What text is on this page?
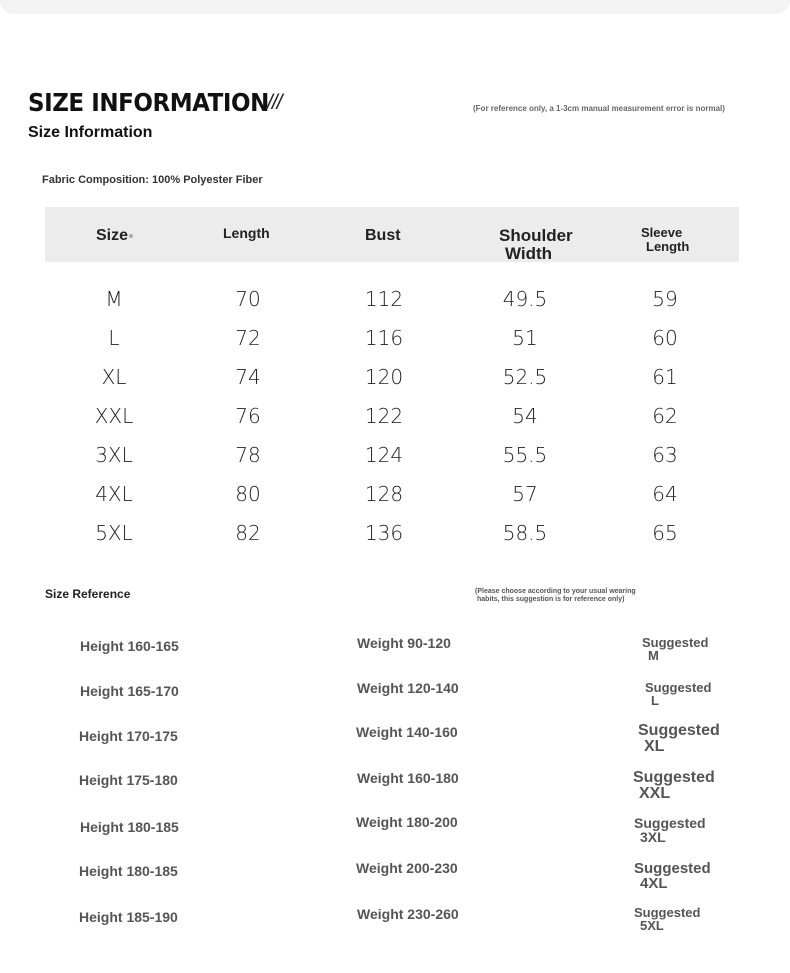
SIZE INFORMATION
///	(For reference only, a 1-3cm manual measurement error is normal)
Size Information
Fabric Composition: 100% Polyester Fiber
Size	Length	Bust	Shoulder
Width
Sleeve
Length
M	70	112	49.5	59
L	72	116	51	60
XL	74	120	52.5	61
XXL	76	122	54	62
3XL	78	124	55.5	63
4XL	80	128	57	64
5XL	82	136	58.5	65
Size Reference	(Please choose according to your usual wearing
habits, this suggestion is for reference only)
Height 160-165	Weight 90-120	Suggested
M
Height 165-170	Weight 120-140	Suggested
L
Height 170-175	Weight 140-160	Suggested
XL
Height 175-180	Weight 160-180	Suggested
XXL
Height 180-185	Weight 180-200	Suggested
3XL
Height 180-185	Weight 200-230	Suggested
4XL
Height 185-190	Weight 230-260	Suggested
5XL
